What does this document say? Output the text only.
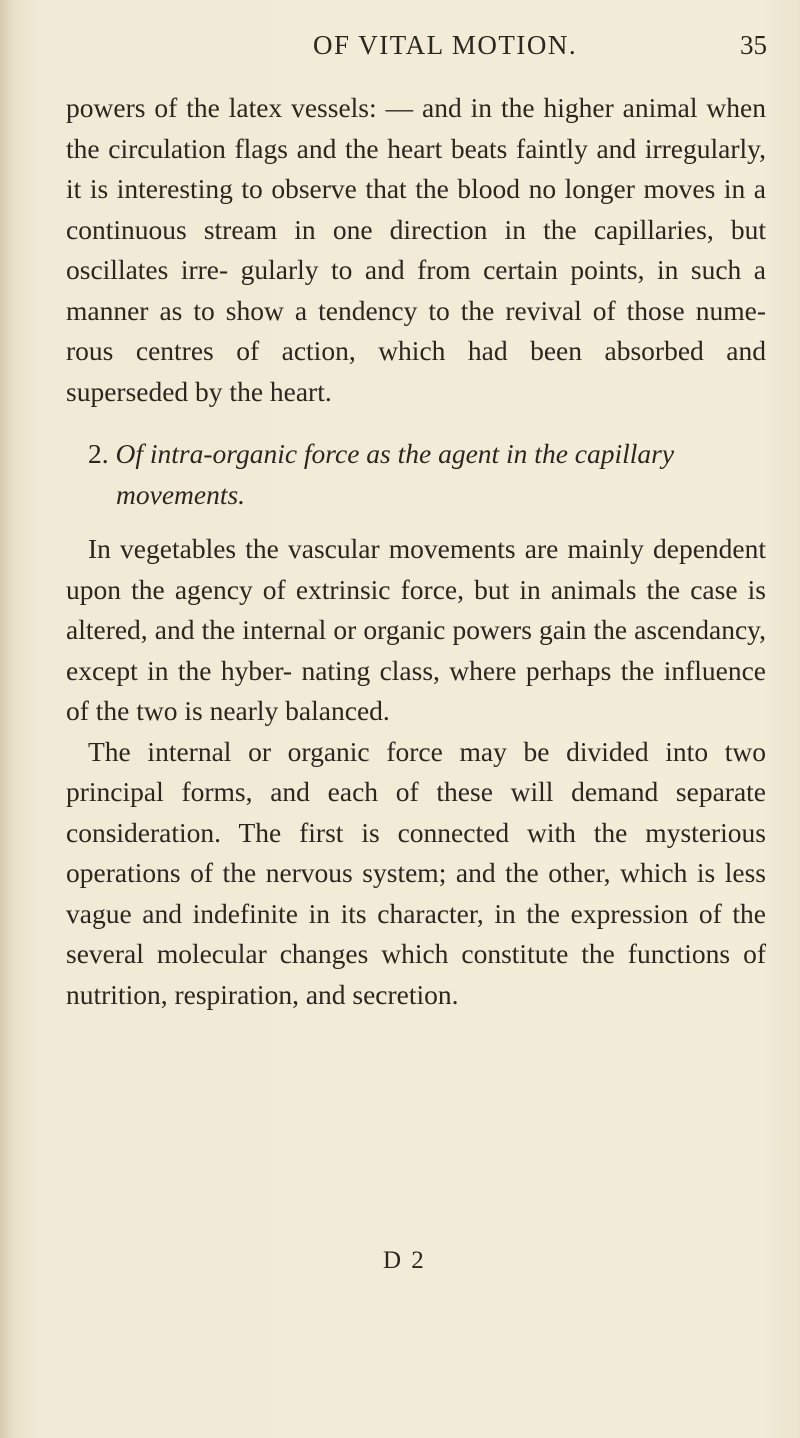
OF VITAL MOTION.	35

powers of the latex vessels: — and in the higher animal when the circulation flags and the heart beats faintly and irregularly, it is interesting to observe that the blood no longer moves in a continuous stream in one direction in the capillaries, but oscillates irre- gularly to and from certain points, in such a manner as to show a tendency to the revival of those nume- rous centres of action, which had been absorbed and superseded by the heart.

2. Of intra-organic force as the agent in the capillary movements.

In vegetables the vascular movements are mainly dependent upon the agency of extrinsic force, but in animals the case is altered, and the internal or organic powers gain the ascendancy, except in the hyber- nating class, where perhaps the influence of the two is nearly balanced.

The internal or organic force may be divided into two principal forms, and each of these will demand separate consideration. The first is connected with the mysterious operations of the nervous system; and the other, which is less vague and indefinite in its character, in the expression of the several molecular changes which constitute the functions of nutrition, respiration, and secretion.

D 2
